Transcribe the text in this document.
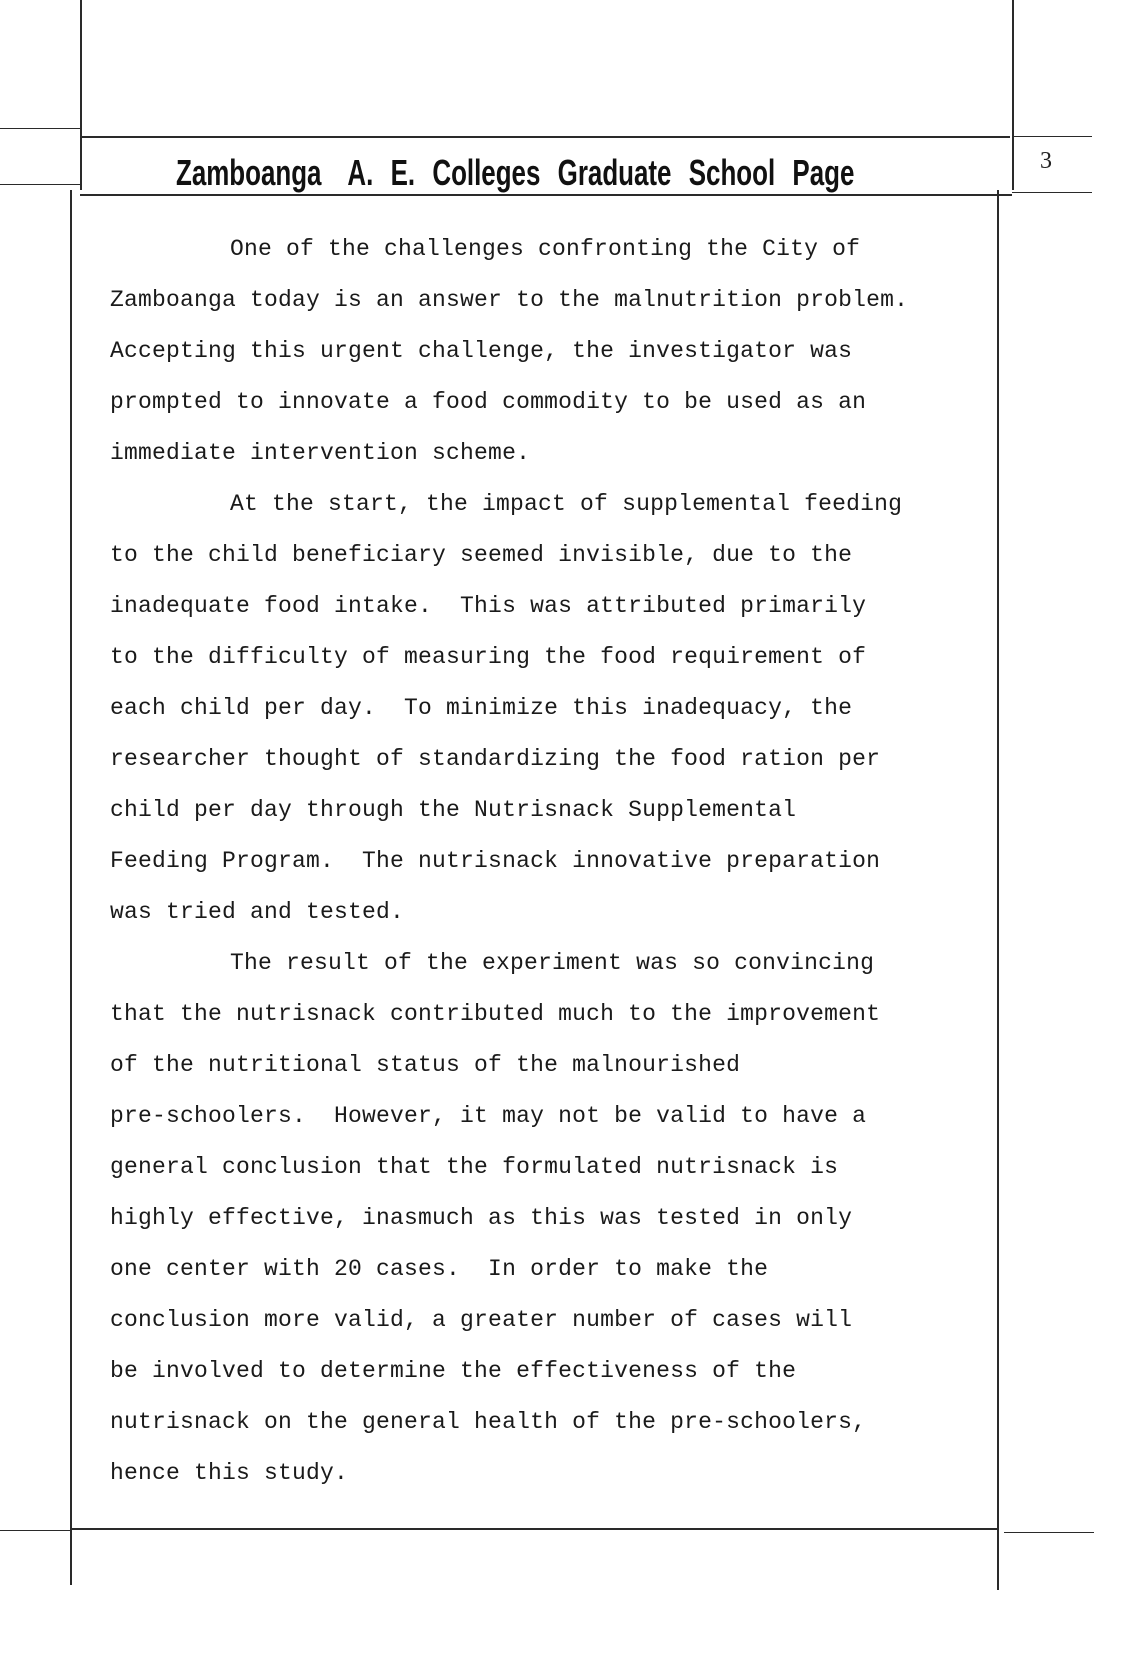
Zamboanga A. E. Colleges Graduate School Page	3
One of the challenges confronting the City of
Zamboanga today is an answer to the malnutrition problem.
Accepting this urgent challenge, the investigator was
prompted to innovate a food commodity to be used as an
immediate intervention scheme.
At the start, the impact of supplemental feeding
to the child beneficiary seemed invisible, due to the
inadequate food intake.  This was attributed primarily
to the difficulty of measuring the food requirement of
each child per day.  To minimize this inadequacy, the
researcher thought of standardizing the food ration per
child per day through the Nutrisnack Supplemental
Feeding Program.  The nutrisnack innovative preparation
was tried and tested.
The result of the experiment was so convincing
that the nutrisnack contributed much to the improvement
of the nutritional status of the malnourished
pre-schoolers.  However, it may not be valid to have a
general conclusion that the formulated nutrisnack is
highly effective, inasmuch as this was tested in only
one center with 20 cases.  In order to make the
conclusion more valid, a greater number of cases will
be involved to determine the effectiveness of the
nutrisnack on the general health of the pre-schoolers,
hence this study.
